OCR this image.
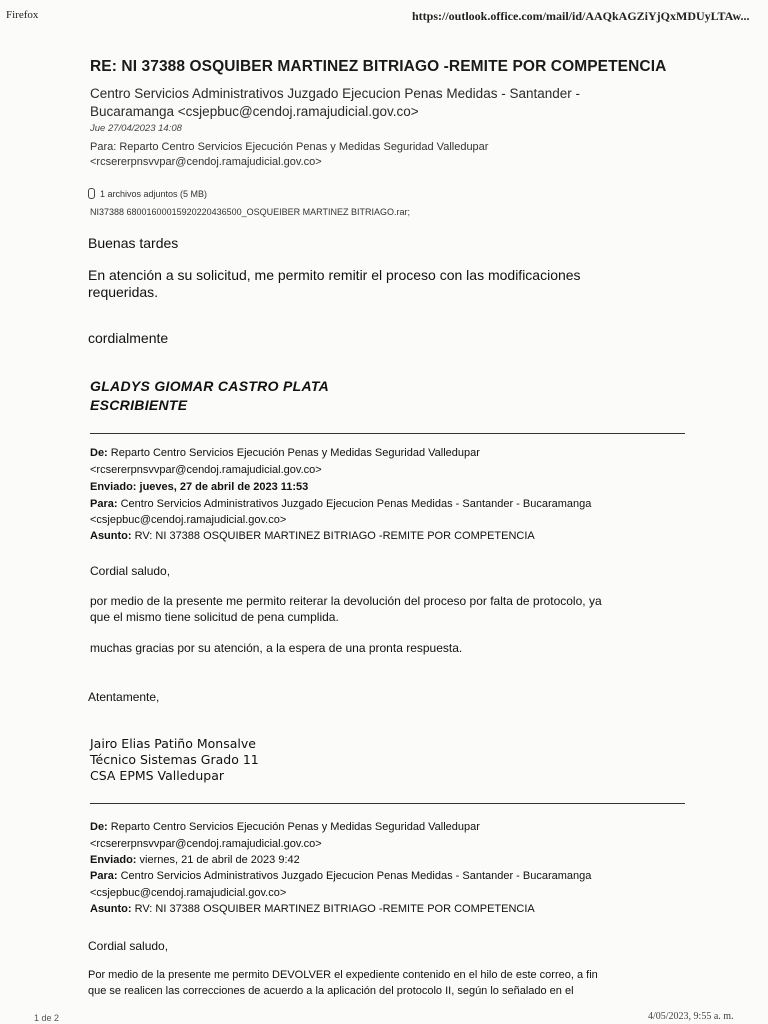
Firefox	https://outlook.office.com/mail/id/AAQkAGZiYjQxMDUyLTAw...
RE: NI 37388 OSQUIBER MARTINEZ BITRIAGO -REMITE POR COMPETENCIA
Centro Servicios Administrativos Juzgado Ejecucion Penas Medidas - Santander -
Bucaramanga <csjepbuc@cendoj.ramajudicial.gov.co>
Jue 27/04/2023 14:08
Para: Reparto Centro Servicios Ejecución Penas y Medidas Seguridad Valledupar
<rcsererpnsvvpar@cendoj.ramajudicial.gov.co>
1 archivos adjuntos (5 MB)
NI37388 68001600015920220436500_OSQUEIBER MARTINEZ BITRIAGO.rar;
Buenas tardes
En atención a su solicitud, me permito remitir el proceso con las modificaciones
requeridas.
cordialmente
GLADYS GIOMAR CASTRO PLATA
ESCRIBIENTE
De: Reparto Centro Servicios Ejecución Penas y Medidas Seguridad Valledupar
<rcsererpnsvvpar@cendoj.ramajudicial.gov.co>
Enviado: jueves, 27 de abril de 2023 11:53
Para: Centro Servicios Administrativos Juzgado Ejecucion Penas Medidas - Santander - Bucaramanga
<csjepbuc@cendoj.ramajudicial.gov.co>
Asunto: RV: NI 37388 OSQUIBER MARTINEZ BITRIAGO -REMITE POR COMPETENCIA
Cordial saludo,
por medio de la presente me permito reiterar la devolución del proceso por falta de protocolo, ya
que el mismo tiene solicitud de pena cumplida.
muchas gracias por su atención, a la espera de una pronta respuesta.
Atentamente,
Jairo Elias Patiño Monsalve
Técnico Sistemas Grado 11
CSA EPMS Valledupar
De: Reparto Centro Servicios Ejecución Penas y Medidas Seguridad Valledupar
<rcsererpnsvvpar@cendoj.ramajudicial.gov.co>
Enviado: viernes, 21 de abril de 2023 9:42
Para: Centro Servicios Administrativos Juzgado Ejecucion Penas Medidas - Santander - Bucaramanga
<csjepbuc@cendoj.ramajudicial.gov.co>
Asunto: RV: NI 37388 OSQUIBER MARTINEZ BITRIAGO -REMITE POR COMPETENCIA
Cordial saludo,
Por medio de la presente me permito DEVOLVER el expediente contenido en el hilo de este correo, a fin
que se realicen las correcciones de acuerdo a la aplicación del protocolo II, según lo señalado en el
1 de 2	4/05/2023, 9:55 a. m.
